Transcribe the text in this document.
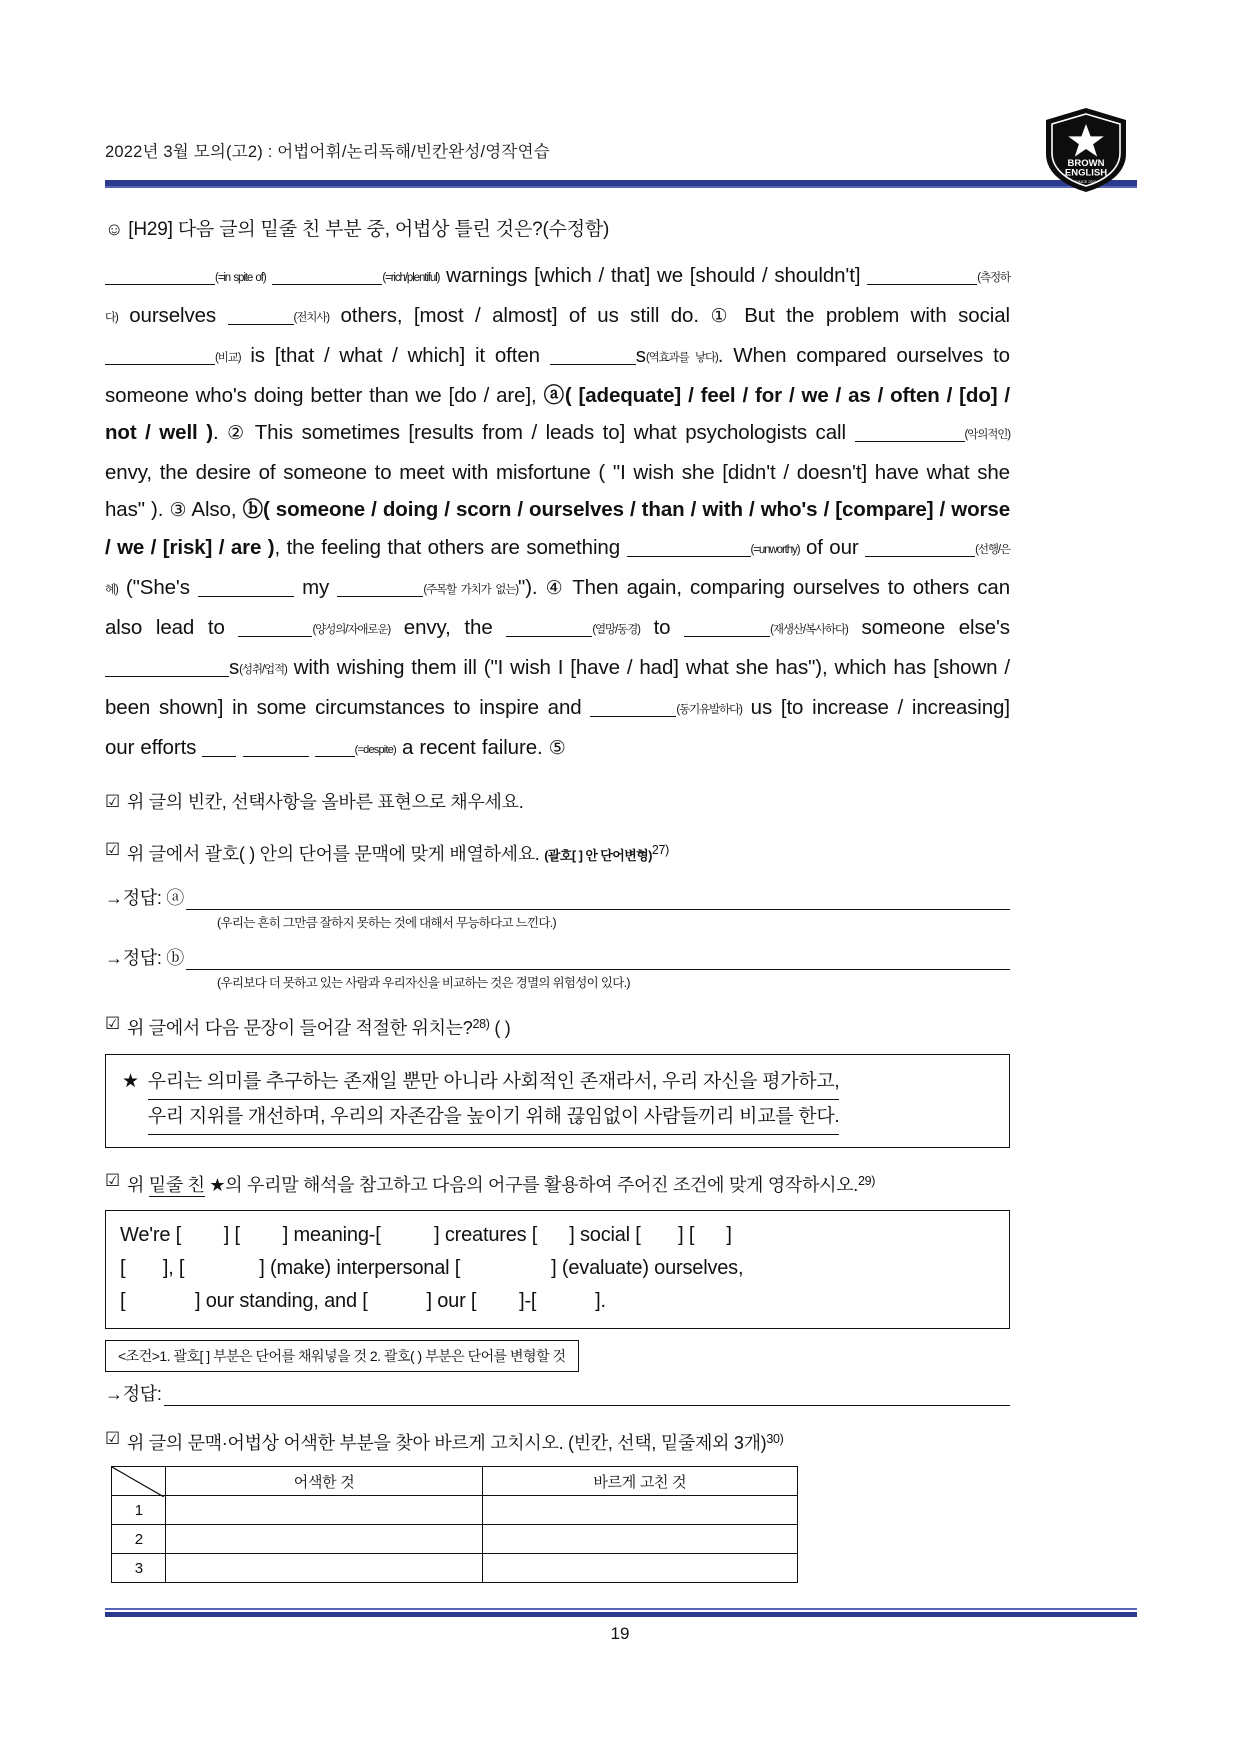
2022년 3월 모의(고2) : 어법어휘/논리독해/빈칸완성/영작연습
BROWN
ENGLISH
SINCE 2011
☺ [H29] 다음 글의 밑줄 친 부분 중, 어법상 틀린 것은?(수정함)
(=in spite of)	(=rich/plentiful) warnings [which / that] we [should / shouldn't]	(측정하다) ourselves	(전치사) others, [most / almost] of us still do. ① But the problem with social (비교) is [that / what / which] it often	s(역효과를 낳다). When compared ourselves to someone who's doing better than we [do / are], ⓐ( [adequate] / feel / for / we / as / often / [do] / not / well ). ② This sometimes [results from / leads to] what psychologists call	(악의적인) envy, the desire of someone to meet with misfortune ( "I wish she [didn't / doesn't] have what she has" ). ③ Also, ⓑ( someone / doing / scorn / ourselves / than / with / who's / [compare] / worse / we / [risk] / are ), the feeling that others are something	(=unworthy) of our	(선행/은혜) ("She's	my	(주목할 가치가 없는)"). ④ Then again, comparing ourselves to others can also lead to	(양성의/자애로운) envy, the	(열망/동경) to	(재생산/복사하다) someone else's s(성취/업적) with wishing them ill ("I wish I [have / had] what she has"), which has [shown / been shown] in some circumstances to inspire and	(동기유발하다) us [to increase / increasing] our efforts	(=despite) a recent failure. ⑤
☑ 위 글의 빈칸, 선택사항을 올바른 표현으로 채우세요.
☑ 위 글에서 괄호( ) 안의 단어를 문맥에 맞게 배열하세요. (괄호[ ] 안 단어변형)$^{27)}$
→정답: ⓐ
(우리는 흔히 그만큼 잘하지 못하는 것에 대해서 무능하다고 느낀다.)
→정답: ⓑ
(우리보다 더 못하고 있는 사람과 우리자신을 비교하는 것은 경멸의 위험성이 있다.)
☑ 위 글에서 다음 문장이 들어갈 적절한 위치는?$^{28)}$ ( )
★ 우리는 의미를 추구하는 존재일 뿐만 아니라 사회적인 존재라서, 우리 자신을 평가하고,
우리 지위를 개선하며, 우리의 자존감을 높이기 위해 끊임없이 사람들끼리 비교를 한다.
☑ 위 밑줄 친 ★의 우리말 해석을 참고하고 다음의 어구를 활용하여 주어진 조건에 맞게 영작하시오.$^{29)}$
We're [        ] [        ] meaning-[          ] creatures [      ] social [       ] [      ]
[       ], [              ] (make) interpersonal [                 ] (evaluate) ourselves,
[             ] our standing, and [           ] our [        ]-[           ].
<조건>1. 괄호[ ] 부분은 단어를 채워넣을 것 2. 괄호( ) 부분은 단어를 변형할 것
→정답:
☑ 위 글의 문맥·어법상 어색한 부분을 찾아 바르게 고치시오. (빈칸, 선택, 밑줄제외 3개)$^{30)}$
	어색한 것	바르게 고친 것
1		
2		
3		
19
